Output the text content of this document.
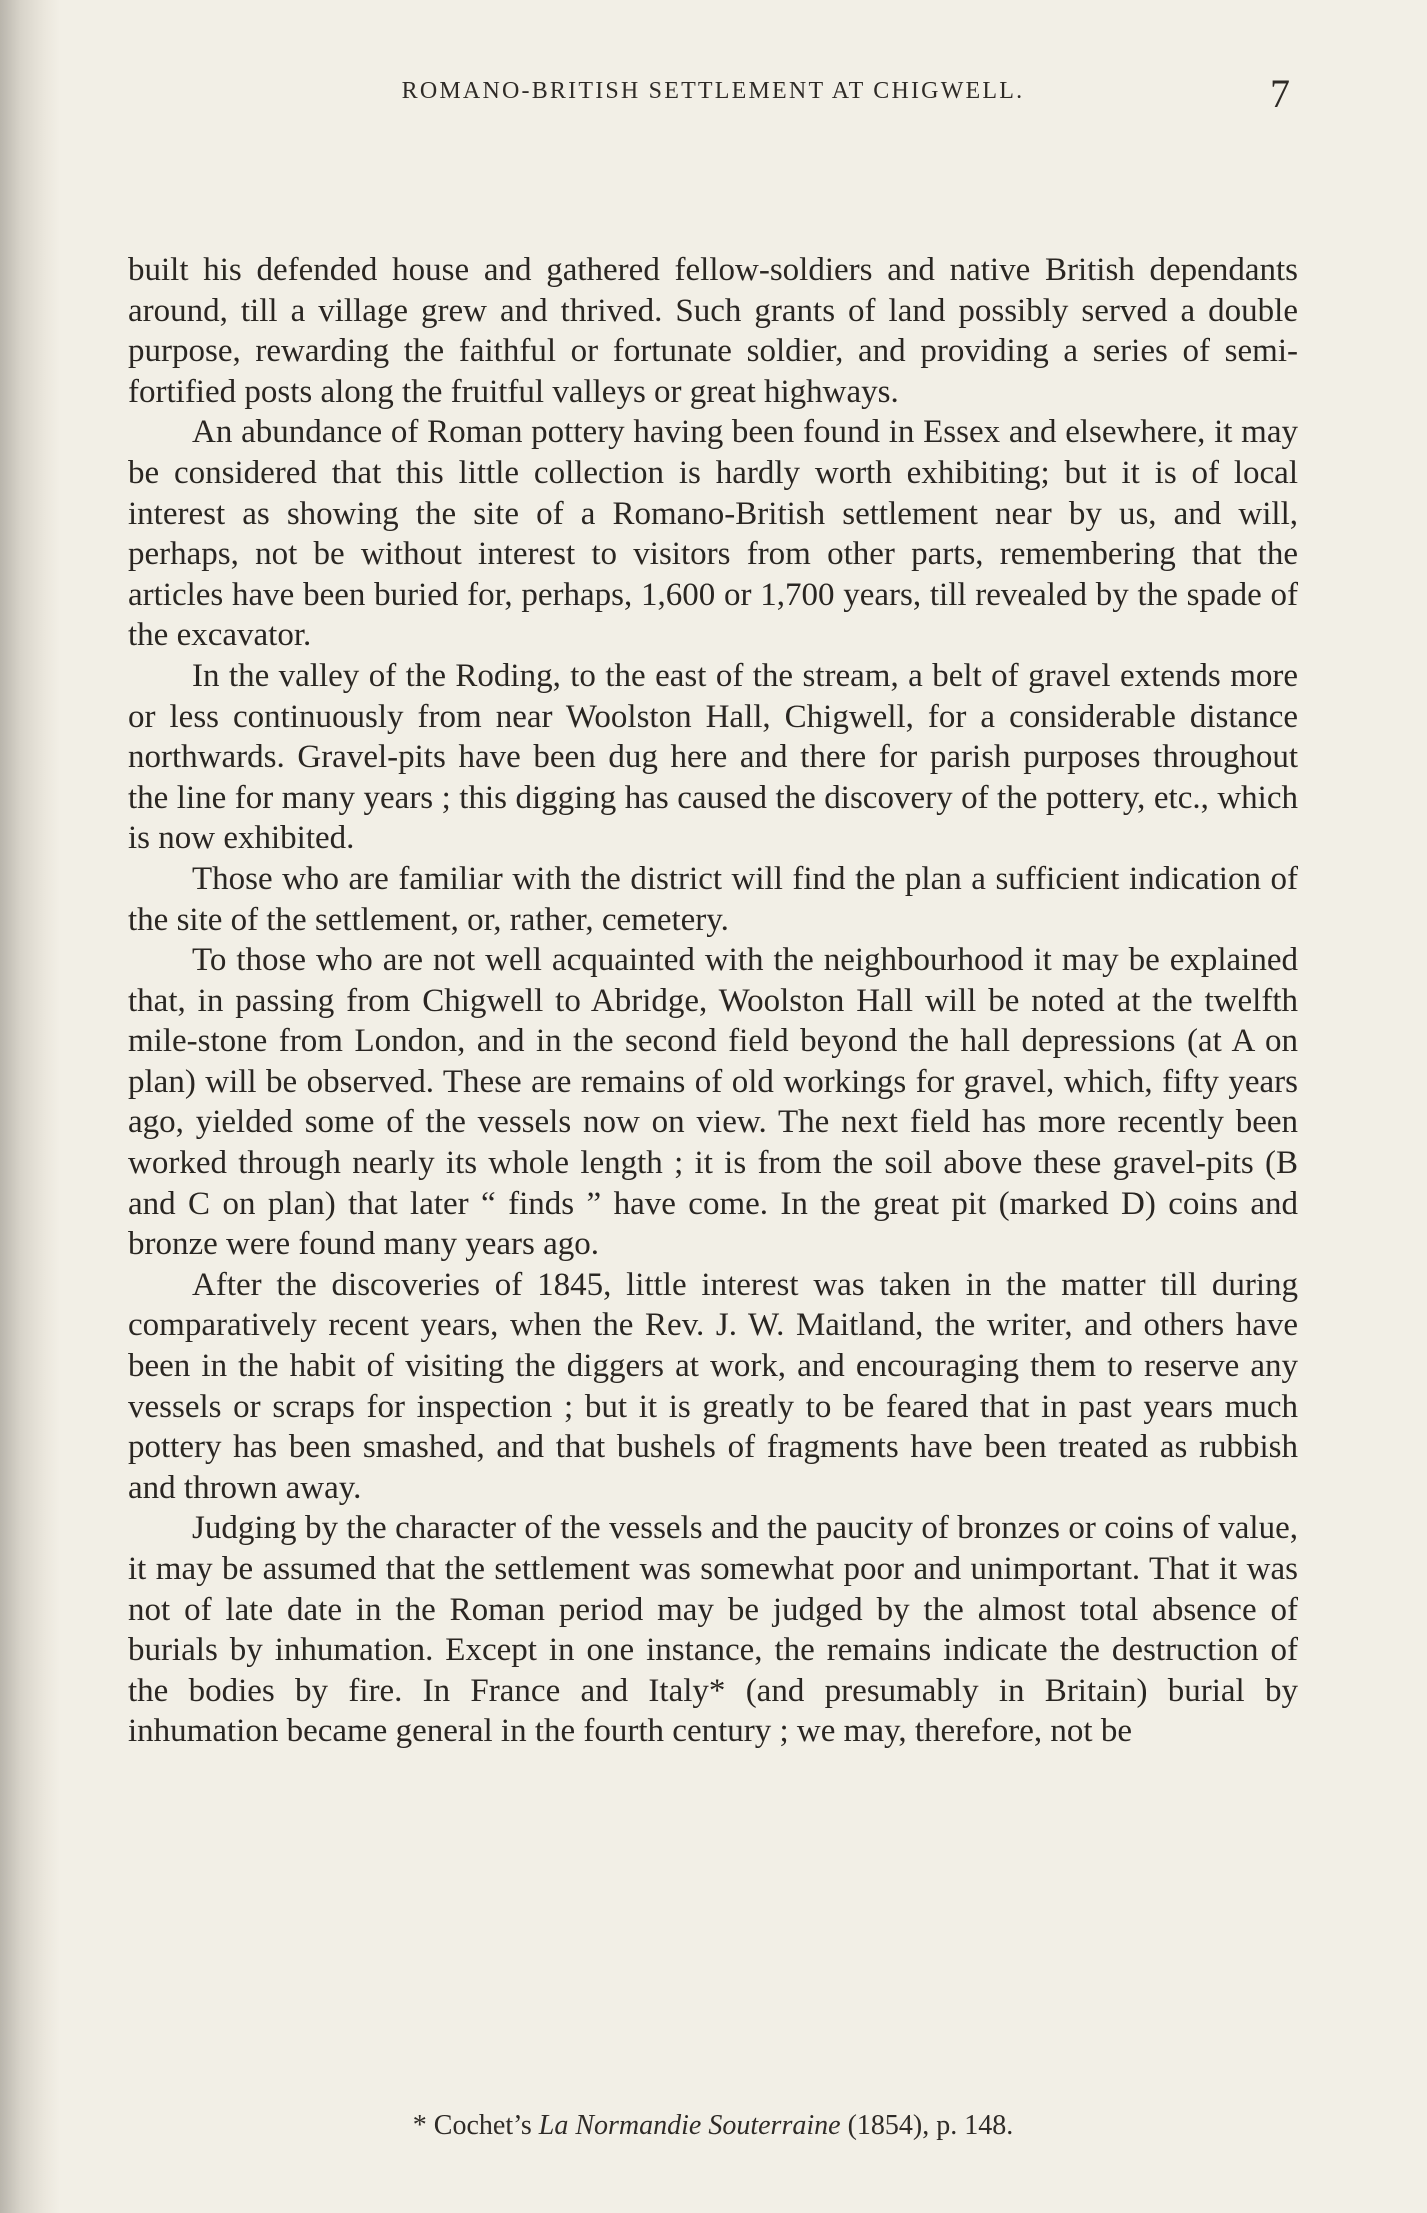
ROMANO-BRITISH SETTLEMENT AT CHIGWELL.	7

built his defended house and gathered fellow-soldiers and native British dependants around, till a village grew and thrived. Such grants of land possibly served a double purpose, rewarding the faithful or fortunate soldier, and providing a series of semi-fortified posts along the fruitful valleys or great highways.

An abundance of Roman pottery having been found in Essex and elsewhere, it may be considered that this little collection is hardly worth exhibiting; but it is of local interest as showing the site of a Romano-British settlement near by us, and will, perhaps, not be without interest to visitors from other parts, remembering that the articles have been buried for, perhaps, 1,600 or 1,700 years, till revealed by the spade of the excavator.

In the valley of the Roding, to the east of the stream, a belt of gravel extends more or less continuously from near Woolston Hall, Chigwell, for a considerable distance northwards. Gravel-pits have been dug here and there for parish purposes throughout the line for many years ; this digging has caused the discovery of the pottery, etc., which is now exhibited.

Those who are familiar with the district will find the plan a sufficient indication of the site of the settlement, or, rather, cemetery.

To those who are not well acquainted with the neighbourhood it may be explained that, in passing from Chigwell to Abridge, Woolston Hall will be noted at the twelfth mile-stone from London, and in the second field beyond the hall depressions (at A on plan) will be observed. These are remains of old workings for gravel, which, fifty years ago, yielded some of the vessels now on view. The next field has more recently been worked through nearly its whole length ; it is from the soil above these gravel-pits (B and C on plan) that later “ finds ” have come. In the great pit (marked D) coins and bronze were found many years ago.

After the discoveries of 1845, little interest was taken in the matter till during comparatively recent years, when the Rev. J. W. Maitland, the writer, and others have been in the habit of visiting the diggers at work, and encouraging them to reserve any vessels or scraps for inspection ; but it is greatly to be feared that in past years much pottery has been smashed, and that bushels of fragments have been treated as rubbish and thrown away.

Judging by the character of the vessels and the paucity of bronzes or coins of value, it may be assumed that the settlement was somewhat poor and unimportant. That it was not of late date in the Roman period may be judged by the almost total absence of burials by inhumation. Except in one instance, the remains indicate the destruction of the bodies by fire. In France and Italy* (and presumably in Britain) burial by inhumation became general in the fourth century ; we may, therefore, not be

* Cochet’s La Normandie Souterraine (1854), p. 148.
